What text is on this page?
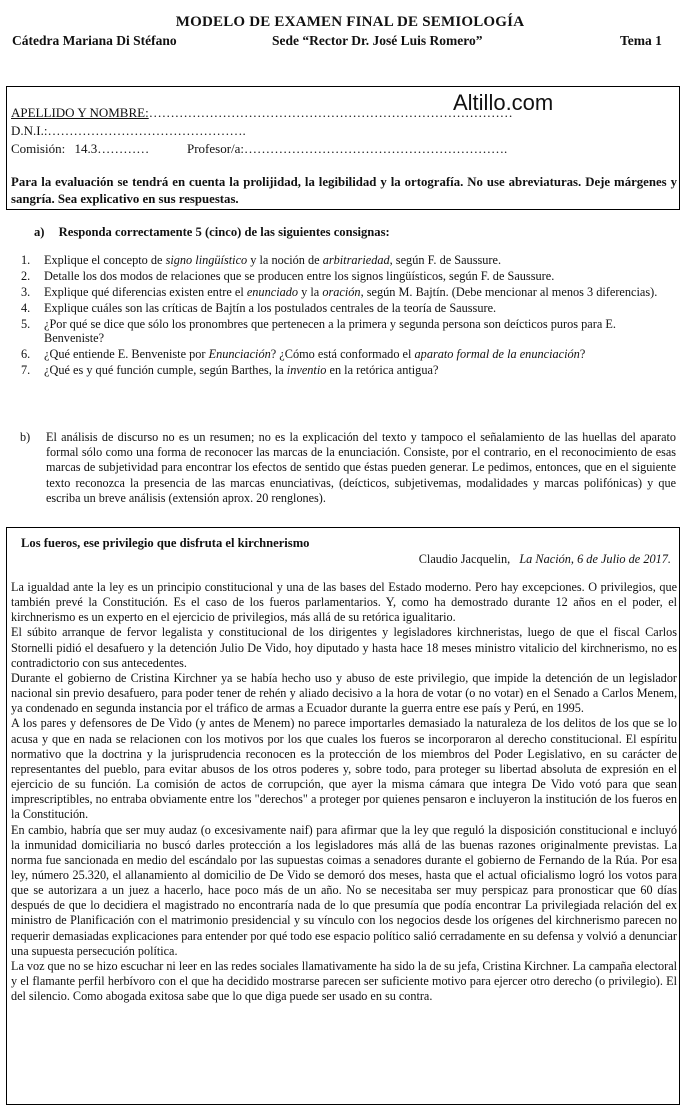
MODELO DE EXAMEN FINAL DE SEMIOLOGÍA
Cátedra Mariana Di Stéfano	Sede “Rector Dr. José Luis Romero”	Tema 1
Altillo.com
APELLIDO Y NOMBRE:…………………………………………………………………………
D.N.I.:……………………………………….
Comisión: 14.3…………	Profesor/a:…………………………………………………….
Para la evaluación se tendrá en cuenta la prolijidad, la legibilidad y la ortografía. No use abreviaturas. Deje márgenes y sangría. Sea explicativo en sus respuestas.
a) Responda correctamente 5 (cinco) de las siguientes consignas:
1. Explique el concepto de signo lingüístico y la noción de arbitrariedad, según F. de Saussure.
2. Detalle los dos modos de relaciones que se producen entre los signos lingüísticos, según F. de Saussure.
3. Explique qué diferencias existen entre el enunciado y la oración, según M. Bajtín. (Debe mencionar al menos 3 diferencias).
4. Explique cuáles son las críticas de Bajtín a los postulados centrales de la teoría de Saussure.
5. ¿Por qué se dice que sólo los pronombres que pertenecen a la primera y segunda persona son deícticos puros para E. Benveniste?
6. ¿Qué entiende E. Benveniste por Enunciación? ¿Cómo está conformado el aparato formal de la enunciación?
7. ¿Qué es y qué función cumple, según Barthes, la inventio en la retórica antigua?
b) El análisis de discurso no es un resumen; no es la explicación del texto y tampoco el señalamiento de las huellas del aparato formal sólo como una forma de reconocer las marcas de la enunciación. Consiste, por el contrario, en el reconocimiento de esas marcas de subjetividad para encontrar los efectos de sentido que éstas pueden generar. Le pedimos, entonces, que en el siguiente texto reconozca la presencia de las marcas enunciativas, (deícticos, subjetivemas, modalidades y marcas polifónicas) y que escriba un breve análisis (extensión aprox. 20 renglones).
Los fueros, ese privilegio que disfruta el kirchnerismo
Claudio Jacquelin, La Nación, 6 de Julio de 2017.

La igualdad ante la ley es un principio constitucional y una de las bases del Estado moderno. Pero hay excepciones. O privilegios, que también prevé la Constitución. Es el caso de los fueros parlamentarios. Y, como ha demostrado durante 12 años en el poder, el kirchnerismo es un experto en el ejercicio de privilegios, más allá de su retórica igualitario.

El súbito arranque de fervor legalista y constitucional de los dirigentes y legisladores kirchneristas, luego de que el fiscal Carlos Stornelli pidió el desafuero y la detención Julio De Vido, hoy diputado y hasta hace 18 meses ministro vitalicio del kirchnerismo, no es contradictorio con sus antecedentes.

Durante el gobierno de Cristina Kirchner ya se había hecho uso y abuso de este privilegio, que impide la detención de un legislador nacional sin previo desafuero, para poder tener de rehén y aliado decisivo a la hora de votar (o no votar) en el Senado a Carlos Menem, ya condenado en segunda instancia por el tráfico de armas a Ecuador durante la guerra entre ese país y Perú, en 1995.

A los pares y defensores de De Vido (y antes de Menem) no parece importarles demasiado la naturaleza de los delitos de los que se lo acusa y que en nada se relacionen con los motivos por los que cuales los fueros se incorporaron al derecho constitucional. El espíritu normativo que la doctrina y la jurisprudencia reconocen es la protección de los miembros del Poder Legislativo, en su carácter de representantes del pueblo, para evitar abusos de los otros poderes y, sobre todo, para proteger su libertad absoluta de expresión en el ejercicio de su función. La comisión de actos de corrupción, que ayer la misma cámara que integra De Vido votó para que sean imprescriptibles, no entraba obviamente entre los "derechos" a proteger por quienes pensaron e incluyeron la institución de los fueros en la Constitución.

En cambio, habría que ser muy audaz (o excesivamente naif) para afirmar que la ley que reguló la disposición constitucional e incluyó la inmunidad domiciliaria no buscó darles protección a los legisladores más allá de las buenas razones originalmente previstas. La norma fue sancionada en medio del escándalo por las supuestas coimas a senadores durante el gobierno de Fernando de la Rúa. Por esa ley, número 25.320, el allanamiento al domicilio de De Vido se demoró dos meses, hasta que el actual oficialismo logró los votos para que se autorizara a un juez a hacerlo, hace poco más de un año. No se necesitaba ser muy perspicaz para pronosticar que 60 días después de que lo decidiera el magistrado no encontraría nada de lo que presumía que podía encontrar La privilegiada relación del ex ministro de Planificación con el matrimonio presidencial y su vínculo con los negocios desde los orígenes del kirchnerismo parecen no requerir demasiadas explicaciones para entender por qué todo ese espacio político salió cerradamente en su defensa y volvió a denunciar una supuesta persecución política.

La voz que no se hizo escuchar ni leer en las redes sociales llamativamente ha sido la de su jefa, Cristina Kirchner. La campaña electoral y el flamante perfil herbívoro con el que ha decidido mostrarse parecen ser suficiente motivo para ejercer otro derecho (o privilegio). El del silencio. Como abogada exitosa sabe que lo que diga puede ser usado en su contra.
